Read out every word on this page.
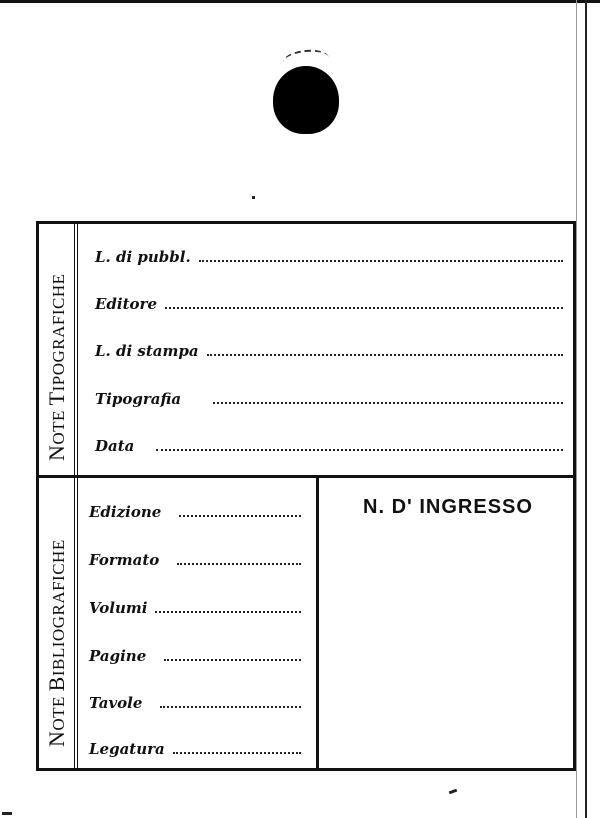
NOTE TIPOGRAFICHE
L. di pubbl.
Editore
L. di stampa
Tipografia
Data
NOTE BIBLIOGRAFICHE
Edizione
Formato
Volumi
Pagine
Tavole
Legatura
N. D' INGRESSO
